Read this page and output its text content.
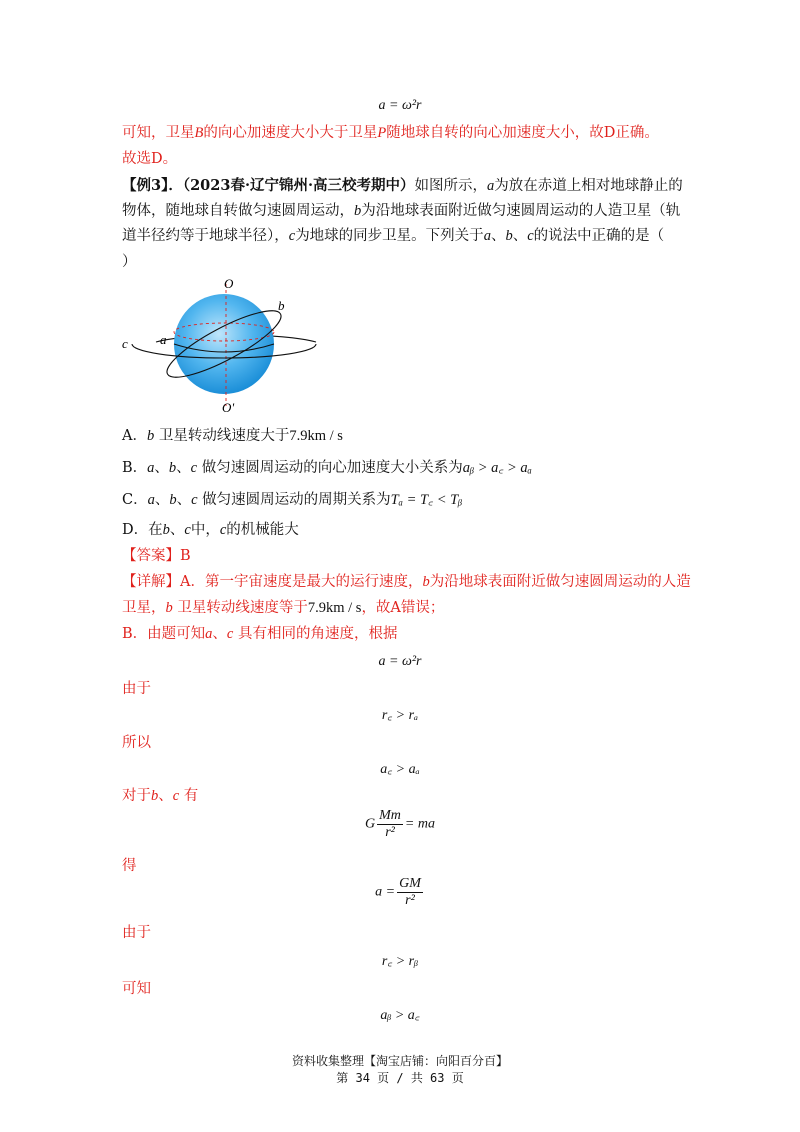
a = ω²r
可知，卫星B的向心加速度大小大于卫星P随地球自转的向心加速度大小，故D正确。
故选D。
【例3】．（2023春·辽宁锦州·高三校考期中）如图所示，a为放在赤道上相对地球静止的
物体，随地球自转做匀速圆周运动，b为沿地球表面附近做匀速圆周运动的人造卫星（轨
道半径约等于地球半径），c为地球的同步卫星。下列关于a、b、c的说法中正确的是（
）
O
O'
b
a
c
A．b 卫星转动线速度大于7.9km / s
B．a、b、c 做匀速圆周运动的向心加速度大小关系为aᵦ > a꜀ > aₐ
C．a、b、c 做匀速圆周运动的周期关系为Tₐ = T꜀ < Tᵦ
D．在b、c中，c的机械能大
【答案】B
【详解】A．第一宇宙速度是最大的运行速度，b为沿地球表面附近做匀速圆周运动的人造
卫星，b 卫星转动线速度等于7.9km / s，故A错误；
B．由题可知a、c 具有相同的角速度，根据
a = ω²r
由于
r꜀ > rₐ
所以
a꜀ > aₐ
对于b、c 有
G $\frac{Mm}{\text{r²}}$ = ma
得
$a = \frac{GM}{\text{r²}}$
由于
r꜀ > rᵦ
可知
aᵦ > a꜀
资料收集整理【淘宝店铺：向阳百分百】
第 34 页 / 共 63 页
